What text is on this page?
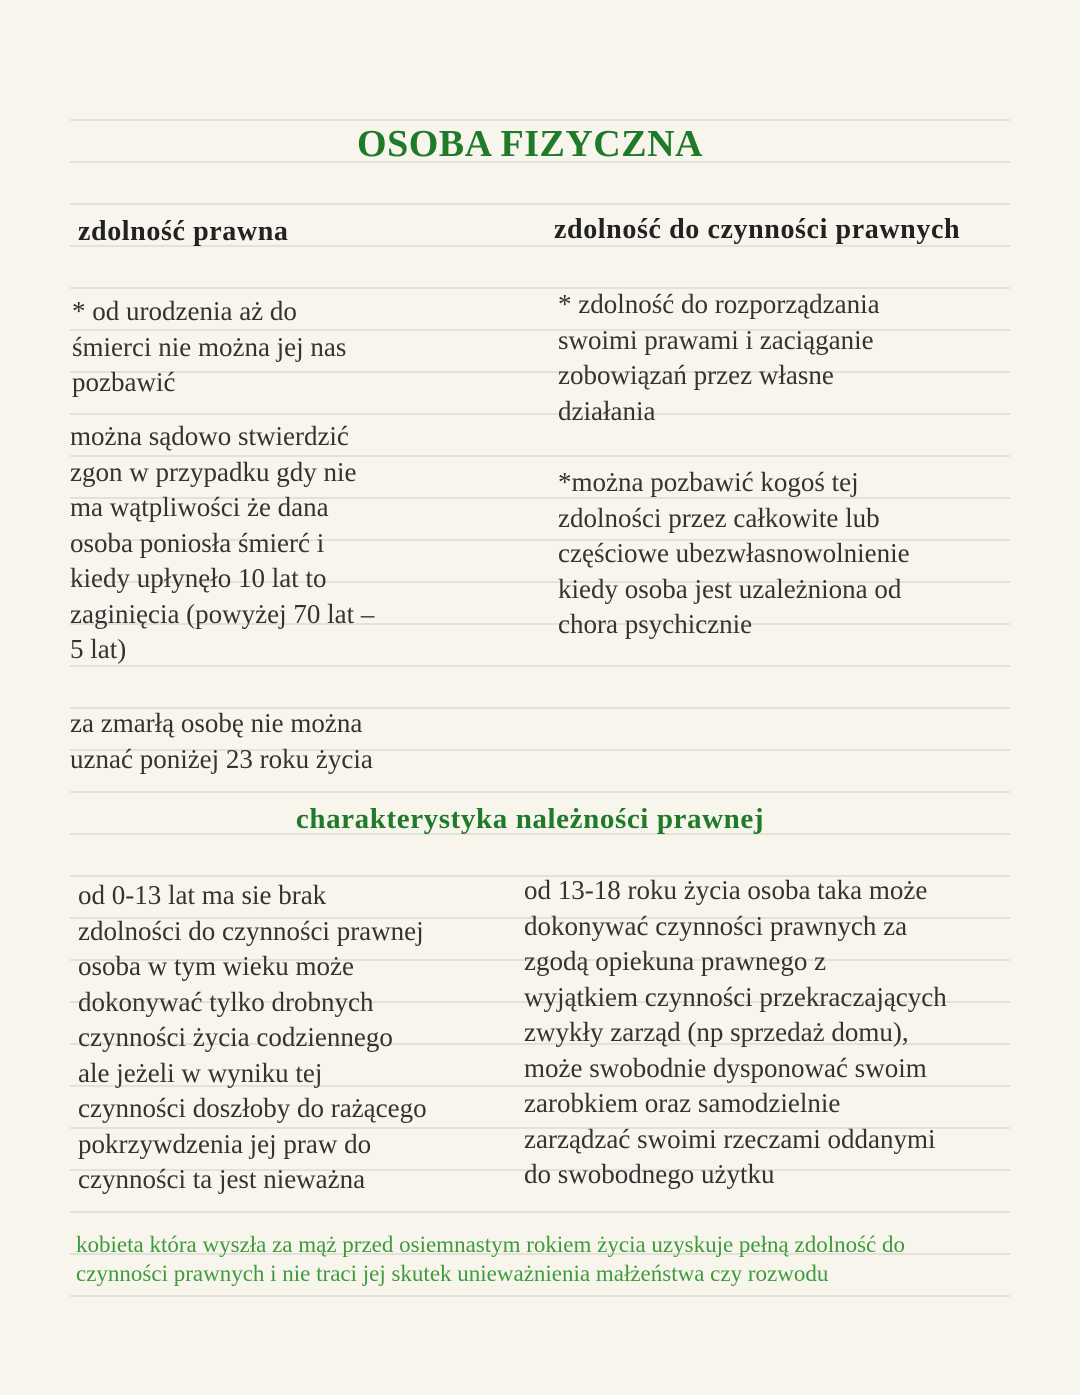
OSOBA FIZYCZNA
zdolność prawna	zdolność do czynności prawnych
* od urodzenia aż do
śmierci nie można jej nas
pozbawić
można sądowo stwierdzić
zgon w przypadku gdy nie
ma wątpliwości że dana
osoba poniosła śmierć i
kiedy upłynęło 10 lat to
zaginięcia (powyżej 70 lat –
5 lat)
za zmarłą osobę nie można
uznać poniżej 23 roku życia
* zdolność do rozporządzania
swoimi prawami i zaciąganie
zobowiązań przez własne
działania
*można pozbawić kogoś tej
zdolności przez całkowite lub
częściowe ubezwłasnowolnienie
kiedy osoba jest uzależniona od
chora psychicznie
charakterystyka należności prawnej
od 0-13 lat ma sie brak
zdolności do czynności prawnej
osoba w tym wieku może
dokonywać tylko drobnych
czynności życia codziennego
ale jeżeli w wyniku tej
czynności doszłoby do rażącego
pokrzywdzenia jej praw do
czynności ta jest nieważna
od 13-18 roku życia osoba taka może
dokonywać czynności prawnych za
zgodą opiekuna prawnego z
wyjątkiem czynności przekraczających
zwykły zarząd (np sprzedaż domu),
może swobodnie dysponować swoim
zarobkiem oraz samodzielnie
zarządzać swoimi rzeczami oddanymi
do swobodnego użytku
kobieta która wyszła za mąż przed osiemnastym rokiem życia uzyskuje pełną zdolność do
czynności prawnych i nie traci jej skutek unieważnienia małżeństwa czy rozwodu
